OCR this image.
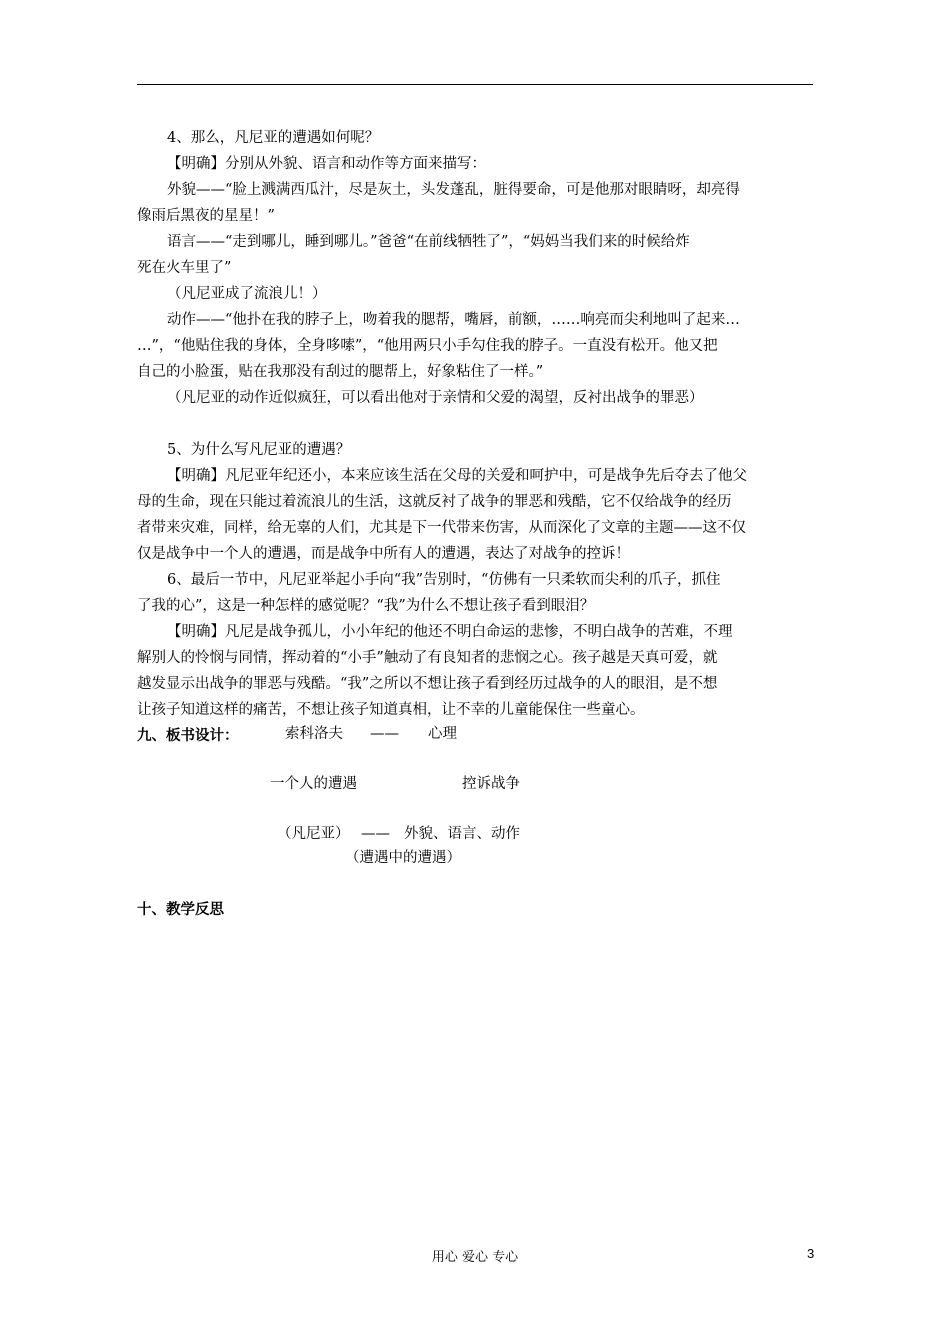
4、那么，凡尼亚的遭遇如何呢？
【明确】分别从外貌、语言和动作等方面来描写：
外貌——“脸上溅满西瓜汁，尽是灰土，头发蓬乱，脏得要命，可是他那对眼睛呀，却亮得
像雨后黑夜的星星！”
语言——“走到哪儿，睡到哪儿。”爸爸“在前线牺牲了”，“妈妈当我们来的时候给炸
死在火车里了”
（凡尼亚成了流浪儿！）
动作——“他扑在我的脖子上，吻着我的腮帮，嘴唇，前额，……响亮而尖利地叫了起来…
…”，“他贴住我的身体，全身哆嗦”，“他用两只小手勾住我的脖子。一直没有松开。他又把
自己的小脸蛋，贴在我那没有刮过的腮帮上，好象粘住了一样。”
（凡尼亚的动作近似疯狂，可以看出他对于亲情和父爱的渴望，反衬出战争的罪恶）
5、为什么写凡尼亚的遭遇？
【明确】凡尼亚年纪还小，本来应该生活在父母的关爱和呵护中，可是战争先后夺去了他父
母的生命，现在只能过着流浪儿的生活，这就反衬了战争的罪恶和残酷，它不仅给战争的经历
者带来灾难，同样，给无辜的人们，尤其是下一代带来伤害，从而深化了文章的主题——这不仅
仅是战争中一个人的遭遇，而是战争中所有人的遭遇，表达了对战争的控诉！
6、最后一节中，凡尼亚举起小手向“我”告别时，“仿佛有一只柔软而尖利的爪子，抓住
了我的心”，这是一种怎样的感觉呢？“我”为什么不想让孩子看到眼泪？
【明确】凡尼是战争孤儿，小小年纪的他还不明白命运的悲惨，不明白战争的苦难，不理
解别人的怜悯与同情，挥动着的“小手”触动了有良知者的悲悯之心。孩子越是天真可爱，就
越发显示出战争的罪恶与残酷。“我”之所以不想让孩子看到经历过战争的人的眼泪，是不想
让孩子知道这样的痛苦，不想让孩子知道真相，让不幸的儿童能保住一些童心。
九、板书设计：	索科洛夫 —— 心理
一个人的遭遇	控诉战争
（凡尼亚） —— 外貌、语言、动作
（遭遇中的遭遇）
十、教学反思
用心 爱心 专心	3
